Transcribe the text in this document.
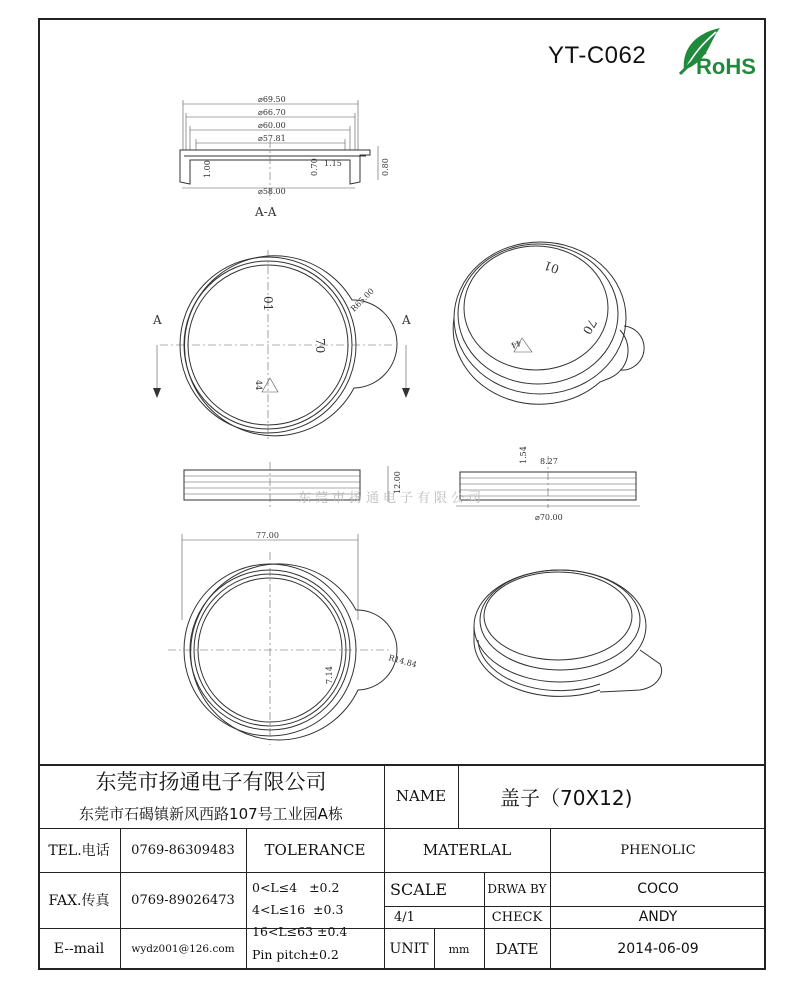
YT-C062 RoHS
⌀69.50
⌀66.70
⌀60.00
⌀57.81
⌀58.00
1.00	0.70 1.15	0.80
A-A
A	A
R65.00
01
70
44
01
70
44
12.00
⌀70.00
1.54 8.27
东莞市扬通电子有限公司
77.00
7.14
R14.84
东莞市扬通电子有限公司
东莞市石碣镇新风西路107号工业园A栋
NAME	盖子（70X12)
TEL.电话	0769-86309483
FAX.传真	0769-89026473
E--mail	wydz001@126.com
TOLERANCE
0<L≤4   ±0.2
4<L≤16  ±0.3
16<L≤63 ±0.4
Pin pitch±0.2
MATERLAL	PHENOLIC
SCALE
4/1
DRWA BY	COCO
CHECK	ANDY
UNIT	mm	DATE	2014-06-09
